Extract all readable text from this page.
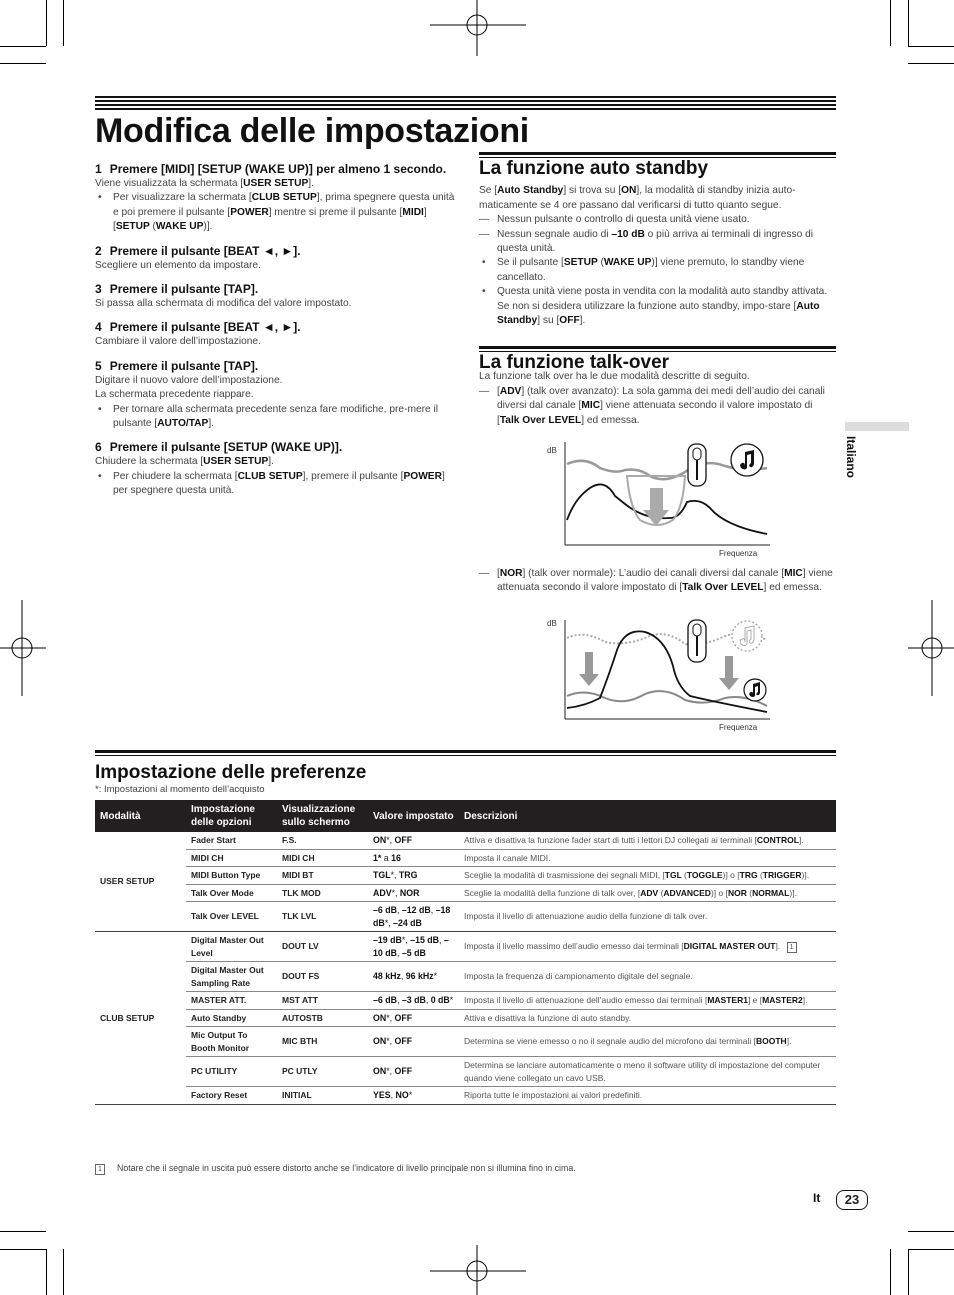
Modifica delle impostazioni
1 Premere [MIDI] [SETUP (WAKE UP)] per almeno 1 secondo.
Viene visualizzata la schermata [USER SETUP].
• Per visualizzare la schermata [CLUB SETUP], prima spegnere questa unità e poi premere il pulsante [POWER] mentre si preme il pulsante [MIDI] [SETUP (WAKE UP)].
2 Premere il pulsante [BEAT ◄, ►].
Scegliere un elemento da impostare.
3 Premere il pulsante [TAP].
Si passa alla schermata di modifica del valore impostato.
4 Premere il pulsante [BEAT ◄, ►].
Cambiare il valore dell’impostazione.
5 Premere il pulsante [TAP].
Digitare il nuovo valore dell’impostazione.
La schermata precedente riappare.
• Per tornare alla schermata precedente senza fare modifiche, pre-mere il pulsante [AUTO/TAP].
6 Premere il pulsante [SETUP (WAKE UP)].
Chiudere la schermata [USER SETUP].
• Per chiudere la schermata [CLUB SETUP], premere il pulsante [POWER] per spegnere questa unità.
La funzione auto standby
Se [Auto Standby] si trova su [ON], la modalità di standby inizia auto-maticamente se 4 ore passano dal verificarsi di tutto quanto segue.
— Nessun pulsante o controllo di questa unità viene usato.
— Nessun segnale audio di –10 dB o più arriva ai terminali di ingresso di questa unità.
• Se il pulsante [SETUP (WAKE UP)] viene premuto, lo standby viene cancellato.
• Questa unità viene posta in vendita con la modalità auto standby attivata. Se non si desidera utilizzare la funzione auto standby, impo-stare [Auto Standby] su [OFF].
La funzione talk-over
La funzione talk over ha le due modalità descritte di seguito.
— [ADV] (talk over avanzato): La sola gamma dei medi dell’audio dei canali diversi dal canale [MIC] viene attenuata secondo il valore impostato di [Talk Over LEVEL] ed emessa.
— [NOR] (talk over normale): L’audio dei canali diversi dal canale [MIC] viene attenuata secondo il valore impostato di [Talk Over LEVEL] ed emessa.
dB
Frequenza
dB
Frequenza
Italiano
Impostazione delle preferenze
*: Impostazioni al momento dell’acquisto
Modalità	Impostazione delle opzioni	Visualizzazione sullo schermo	Valore impostato	Descrizioni
USER SETUP	Fader Start	F.S.	ON*, OFF	Attiva e disattiva la funzione fader start di tutti i lettori DJ collegati ai terminali [CONTROL].
	MIDI CH	MIDI CH	1* a 16	Imposta il canale MIDI.
	MIDI Button Type	MIDI BT	TGL*, TRG	Sceglie la modalità di trasmissione dei segnali MIDI, [TGL (TOGGLE)] o [TRG (TRIGGER)].
	Talk Over Mode	TLK MOD	ADV*, NOR	Sceglie la modalità della funzione di talk over, [ADV (ADVANCED)] o [NOR (NORMAL)].
	Talk Over LEVEL	TLK LVL	–6 dB, –12 dB, –18 dB*, –24 dB	Imposta il livello di attenuazione audio della funzione di talk over.
CLUB SETUP	Digital Master Out Level	DOUT LV	–19 dB*, –15 dB, –10 dB, –5 dB	Imposta il livello massimo dell’audio emesso dai terminali [DIGITAL MASTER OUT]. 1
	Digital Master Out Sampling Rate	DOUT FS	48 kHz, 96 kHz*	Imposta la frequenza di campionamento digitale del segnale.
	MASTER ATT.	MST ATT	–6 dB, –3 dB, 0 dB*	Imposta il livello di attenuazione dell’audio emesso dai terminali [MASTER1] e [MASTER2].
	Auto Standby	AUTOSTB	ON*, OFF	Attiva e disattiva la funzione di auto standby.
	Mic Output To Booth Monitor	MIC BTH	ON*, OFF	Determina se viene emesso o no il segnale audio del microfono dai terminali [BOOTH].
	PC UTILITY	PC UTLY	ON*, OFF	Determina se lanciare automaticamente o meno il software utility di impostazione del computer quando viene collegato un cavo USB.
	Factory Reset	INITIAL	YES, NO*	Riporta tutte le impostazioni ai valori predefiniti.
1 Notare che il segnale in uscita può essere distorto anche se l’indicatore di livello principale non si illumina fino in cima.
It	23
